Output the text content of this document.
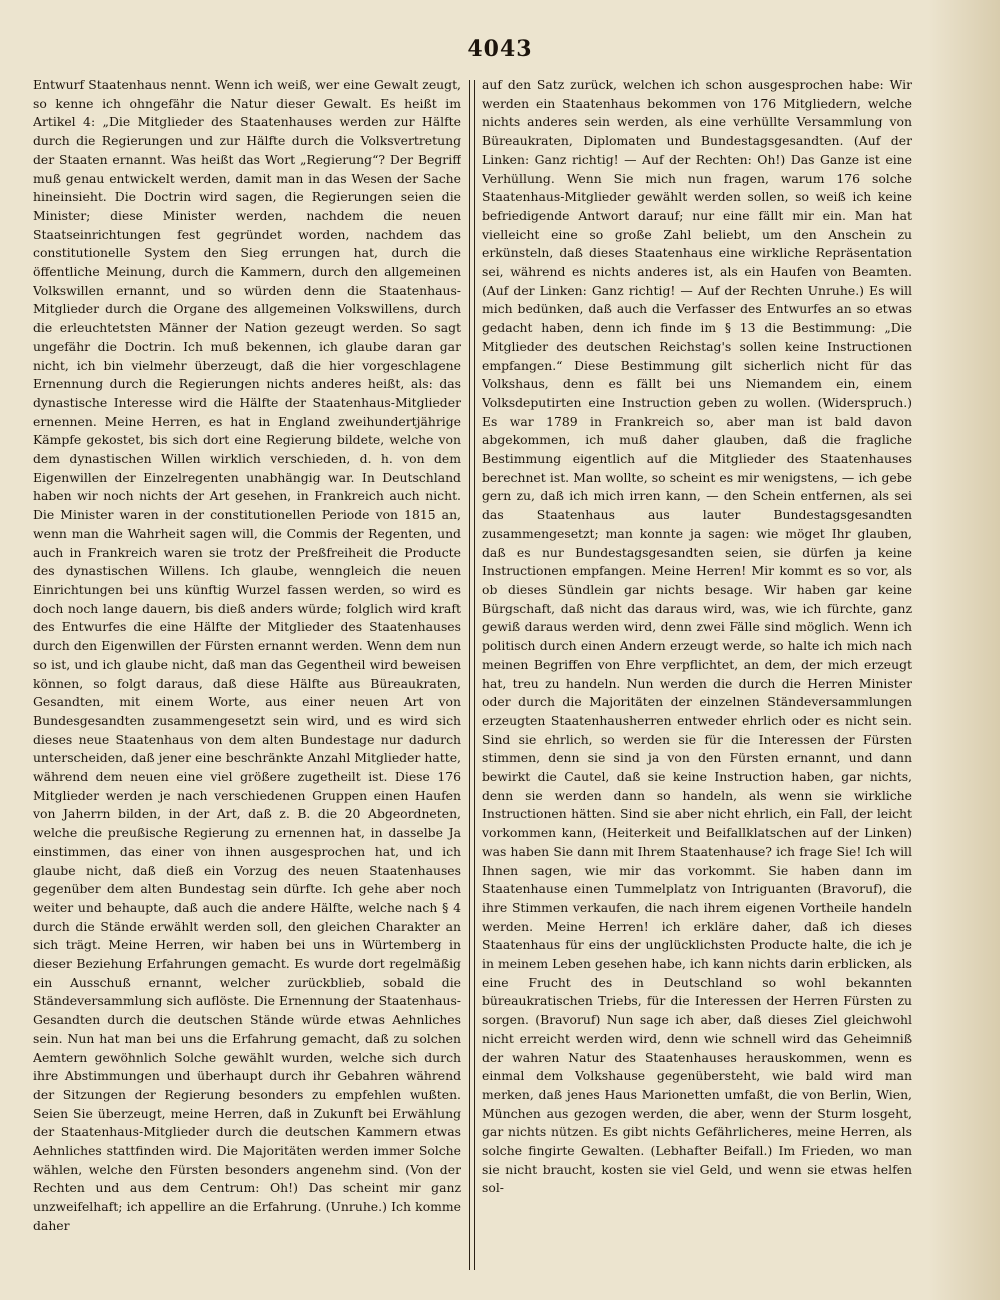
4043
Entwurf Staatenhaus nennt. Wenn ich weiß, wer eine Gewalt zeugt, so kenne ich ohngefähr die Natur dieser Gewalt. Es heißt im Artikel 4: „Die Mitglieder des Staatenhauses werden zur Hälfte durch die Regierungen und zur Hälfte durch die Volksvertretung der Staaten ernannt. Was heißt das Wort „Regierung“? Der Begriff muß genau entwickelt werden, damit man in das Wesen der Sache hineinsieht. Die Doctrin wird sagen, die Regierungen seien die Minister; diese Minister werden, nachdem die neuen Staatseinrichtungen fest gegründet worden, nachdem das constitutionelle System den Sieg errungen hat, durch die öffentliche Meinung, durch die Kammern, durch den allgemeinen Volkswillen ernannt, und so würden denn die Staatenhaus-Mitglieder durch die Organe des allgemeinen Volkswillens, durch die erleuchtetsten Männer der Nation gezeugt werden. So sagt ungefähr die Doctrin. Ich muß bekennen, ich glaube daran gar nicht, ich bin vielmehr überzeugt, daß die hier vorgeschlagene Ernennung durch die Regierungen nichts anderes heißt, als: das dynastische Interesse wird die Hälfte der Staatenhaus-Mitglieder ernennen. Meine Herren, es hat in England zweihundertjährige Kämpfe gekostet, bis sich dort eine Regierung bildete, welche von dem dynastischen Willen wirklich verschieden, d. h. von dem Eigenwillen der Einzelregenten unabhängig war. In Deutschland haben wir noch nichts der Art gesehen, in Frankreich auch nicht. Die Minister waren in der constitutionellen Periode von 1815 an, wenn man die Wahrheit sagen will, die Commis der Regenten, und auch in Frankreich waren sie trotz der Preßfreiheit die Producte des dynastischen Willens. Ich glaube, wenngleich die neuen Einrichtungen bei uns künftig Wurzel fassen werden, so wird es doch noch lange dauern, bis dieß anders würde; folglich wird kraft des Entwurfes die eine Hälfte der Mitglieder des Staatenhauses durch den Eigenwillen der Fürsten ernannt werden. Wenn dem nun so ist, und ich glaube nicht, daß man das Gegentheil wird beweisen können, so folgt daraus, daß diese Hälfte aus Büreaukraten, Gesandten, mit einem Worte, aus einer neuen Art von Bundesgesandten zusammengesetzt sein wird, und es wird sich dieses neue Staatenhaus von dem alten Bundestage nur dadurch unterscheiden, daß jener eine beschränkte Anzahl Mitglieder hatte, während dem neuen eine viel größere zugetheilt ist. Diese 176 Mitglieder werden je nach verschiedenen Gruppen einen Haufen von Jaherrn bilden, in der Art, daß z. B. die 20 Abgeordneten, welche die preußische Regierung zu ernennen hat, in dasselbe Ja einstimmen, das einer von ihnen ausgesprochen hat, und ich glaube nicht, daß dieß ein Vorzug des neuen Staatenhauses gegenüber dem alten Bundestag sein dürfte. Ich gehe aber noch weiter und behaupte, daß auch die andere Hälfte, welche nach § 4 durch die Stände erwählt werden soll, den gleichen Charakter an sich trägt. Meine Herren, wir haben bei uns in Würtemberg in dieser Beziehung Erfahrungen gemacht. Es wurde dort regelmäßig ein Ausschuß ernannt, welcher zurückblieb, sobald die Ständeversammlung sich auflöste. Die Ernennung der Staatenhaus-Gesandten durch die deutschen Stände würde etwas Aehnliches sein. Nun hat man bei uns die Erfahrung gemacht, daß zu solchen Aemtern gewöhnlich Solche gewählt wurden, welche sich durch ihre Abstimmungen und überhaupt durch ihr Gebahren während der Sitzungen der Regierung besonders zu empfehlen wußten. Seien Sie überzeugt, meine Herren, daß in Zukunft bei Erwählung der Staatenhaus-Mitglieder durch die deutschen Kammern etwas Aehnliches stattfinden wird. Die Majoritäten werden immer Solche wählen, welche den Fürsten besonders angenehm sind. (Von der Rechten und aus dem Centrum: Oh!) Das scheint mir ganz unzweifelhaft; ich appellire an die Erfahrung. (Unruhe.) Ich komme daher
auf den Satz zurück, welchen ich schon ausgesprochen habe: Wir werden ein Staatenhaus bekommen von 176 Mitgliedern, welche nichts anderes sein werden, als eine verhüllte Versammlung von Büreaukraten, Diplomaten und Bundestagsgesandten. (Auf der Linken: Ganz richtig! — Auf der Rechten: Oh!) Das Ganze ist eine Verhüllung. Wenn Sie mich nun fragen, warum 176 solche Staatenhaus-Mitglieder gewählt werden sollen, so weiß ich keine befriedigende Antwort darauf; nur eine fällt mir ein. Man hat vielleicht eine so große Zahl beliebt, um den Anschein zu erkünsteln, daß dieses Staatenhaus eine wirkliche Repräsentation sei, während es nichts anderes ist, als ein Haufen von Beamten. (Auf der Linken: Ganz richtig! — Auf der Rechten Unruhe.) Es will mich bedünken, daß auch die Verfasser des Entwurfes an so etwas gedacht haben, denn ich finde im § 13 die Bestimmung: „Die Mitglieder des deutschen Reichstag's sollen keine Instructionen empfangen.“ Diese Bestimmung gilt sicherlich nicht für das Volkshaus, denn es fällt bei uns Niemandem ein, einem Volksdeputirten eine Instruction geben zu wollen. (Widerspruch.) Es war 1789 in Frankreich so, aber man ist bald davon abgekommen, ich muß daher glauben, daß die fragliche Bestimmung eigentlich auf die Mitglieder des Staatenhauses berechnet ist. Man wollte, so scheint es mir wenigstens, — ich gebe gern zu, daß ich mich irren kann, — den Schein entfernen, als sei das Staatenhaus aus lauter Bundestagsgesandten zusammengesetzt; man konnte ja sagen: wie möget Ihr glauben, daß es nur Bundestagsgesandten seien, sie dürfen ja keine Instructionen empfangen. Meine Herren! Mir kommt es so vor, als ob dieses Sündlein gar nichts besage. Wir haben gar keine Bürgschaft, daß nicht das daraus wird, was, wie ich fürchte, ganz gewiß daraus werden wird, denn zwei Fälle sind möglich. Wenn ich politisch durch einen Andern erzeugt werde, so halte ich mich nach meinen Begriffen von Ehre verpflichtet, an dem, der mich erzeugt hat, treu zu handeln. Nun werden die durch die Herren Minister oder durch die Majoritäten der einzelnen Ständeversammlungen erzeugten Staatenhausherren entweder ehrlich oder es nicht sein. Sind sie ehrlich, so werden sie für die Interessen der Fürsten stimmen, denn sie sind ja von den Fürsten ernannt, und dann bewirkt die Cautel, daß sie keine Instruction haben, gar nichts, denn sie werden dann so handeln, als wenn sie wirkliche Instructionen hätten. Sind sie aber nicht ehrlich, ein Fall, der leicht vorkommen kann, (Heiterkeit und Beifallklatschen auf der Linken) was haben Sie dann mit Ihrem Staatenhause? ich frage Sie! Ich will Ihnen sagen, wie mir das vorkommt. Sie haben dann im Staatenhause einen Tummelplatz von Intriguanten (Bravoruf), die ihre Stimmen verkaufen, die nach ihrem eigenen Vortheile handeln werden. Meine Herren! ich erkläre daher, daß ich dieses Staatenhaus für eins der unglücklichsten Producte halte, die ich je in meinem Leben gesehen habe, ich kann nichts darin erblicken, als eine Frucht des in Deutschland so wohl bekannten büreaukratischen Triebs, für die Interessen der Herren Fürsten zu sorgen. (Bravoruf) Nun sage ich aber, daß dieses Ziel gleichwohl nicht erreicht werden wird, denn wie schnell wird das Geheimniß der wahren Natur des Staatenhauses herauskommen, wenn es einmal dem Volkshause gegenübersteht, wie bald wird man merken, daß jenes Haus Marionetten umfaßt, die von Berlin, Wien, München aus gezogen werden, die aber, wenn der Sturm losgeht, gar nichts nützen. Es gibt nichts Gefährlicheres, meine Herren, als solche fingirte Gewalten. (Lebhafter Beifall.) Im Frieden, wo man sie nicht braucht, kosten sie viel Geld, und wenn sie etwas helfen sol-
